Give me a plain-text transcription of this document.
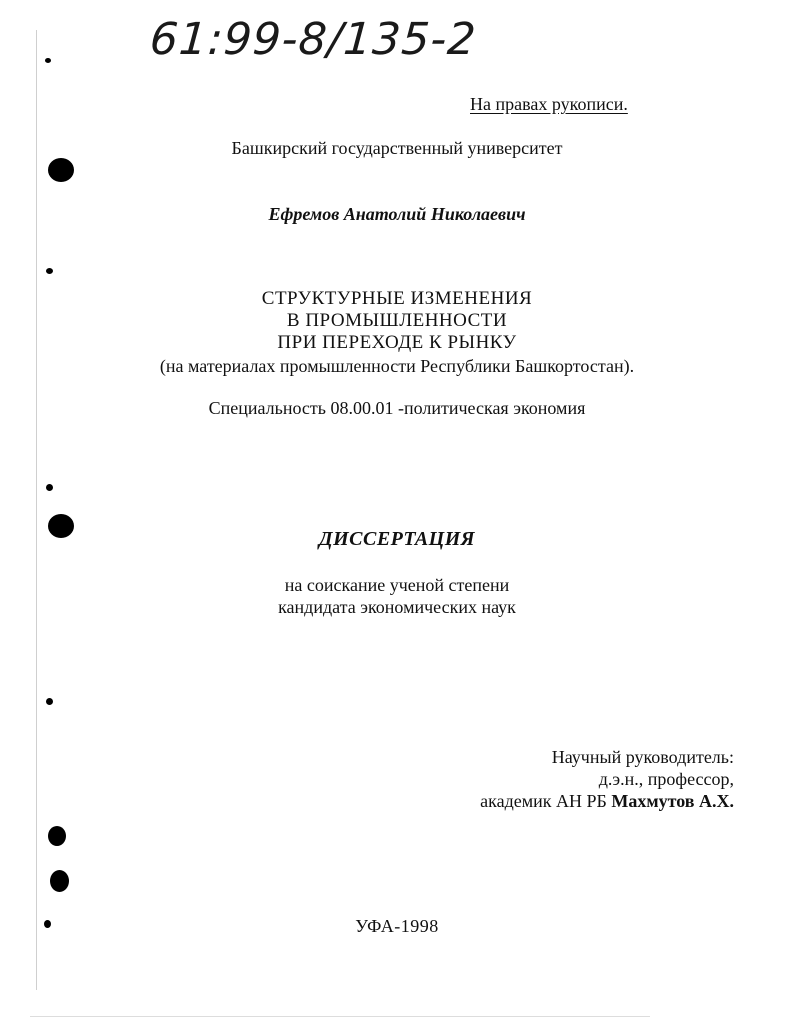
61:99-8/135-2
На правах рукописи.
Башкирский государственный университет
Ефремов Анатолий Николаевич
СТРУКТУРНЫЕ ИЗМЕНЕНИЯ
В ПРОМЫШЛЕННОСТИ
ПРИ ПЕРЕХОДЕ К РЫНКУ
(на материалах промышленности Республики Башкортостан).
Специальность 08.00.01 -политическая экономия
ДИССЕРТАЦИЯ
на соискание ученой степени
кандидата экономических наук
Научный руководитель:
д.э.н., профессор,
академик АН РБ Махмутов А.Х.
УФА-1998
